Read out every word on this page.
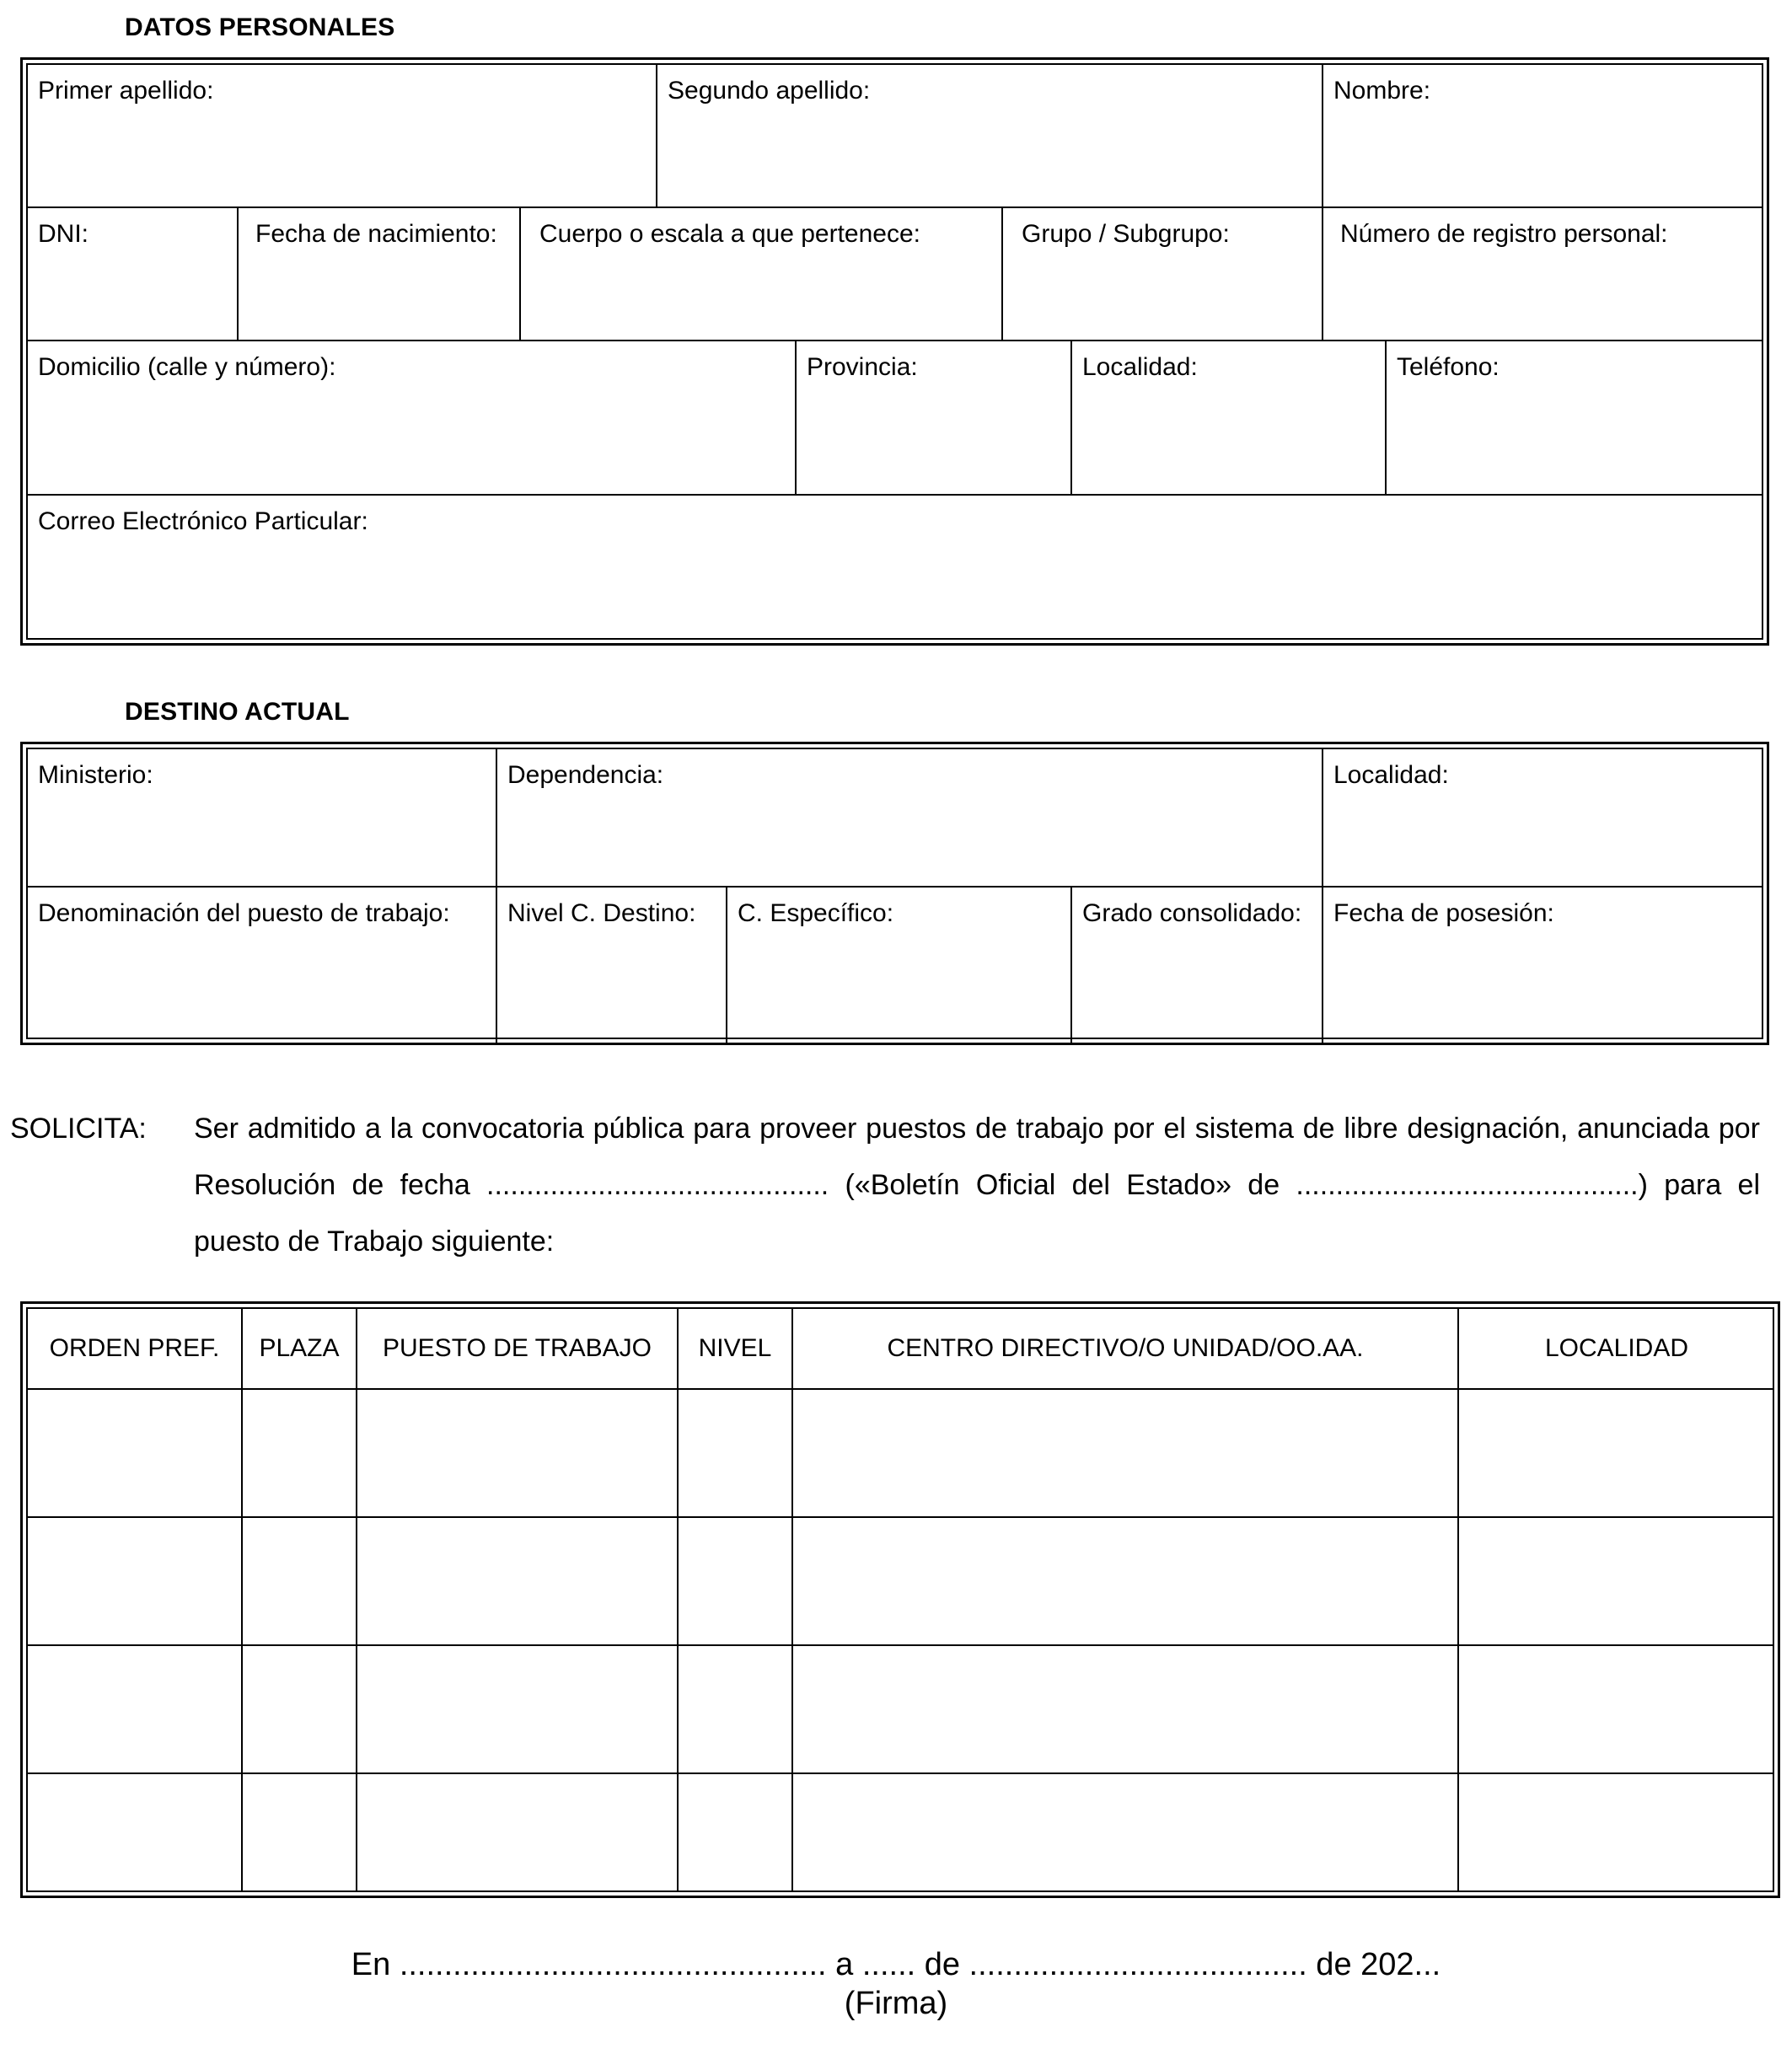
DATOS PERSONALES
Primer apellido:	Segundo apellido:	Nombre:
DNI:	Fecha de nacimiento:	Cuerpo o escala a que pertenece:	Grupo / Subgrupo:	Número de registro personal:
Domicilio (calle y número):	Provincia:	Localidad:	Teléfono:
Correo Electrónico Particular:
DESTINO ACTUAL
Ministerio:	Dependencia:	Localidad:
Denominación del puesto de trabajo:	Nivel C. Destino:	C. Específico:	Grado consolidado:	Fecha de posesión:
SOLICITA: Ser admitido a la convocatoria pública para proveer puestos de trabajo por el sistema de libre designación, anunciada por
Resolución de fecha ........................................... («Boletín Oficial del Estado» de ...........................................) para el
puesto de Trabajo siguiente:
ORDEN PREF.	PLAZA	PUESTO DE TRABAJO	NIVEL	CENTRO DIRECTIVO/O UNIDAD/OO.AA.	LOCALIDAD
En ................................................ a ...... de ...................................... de 202...
(Firma)
